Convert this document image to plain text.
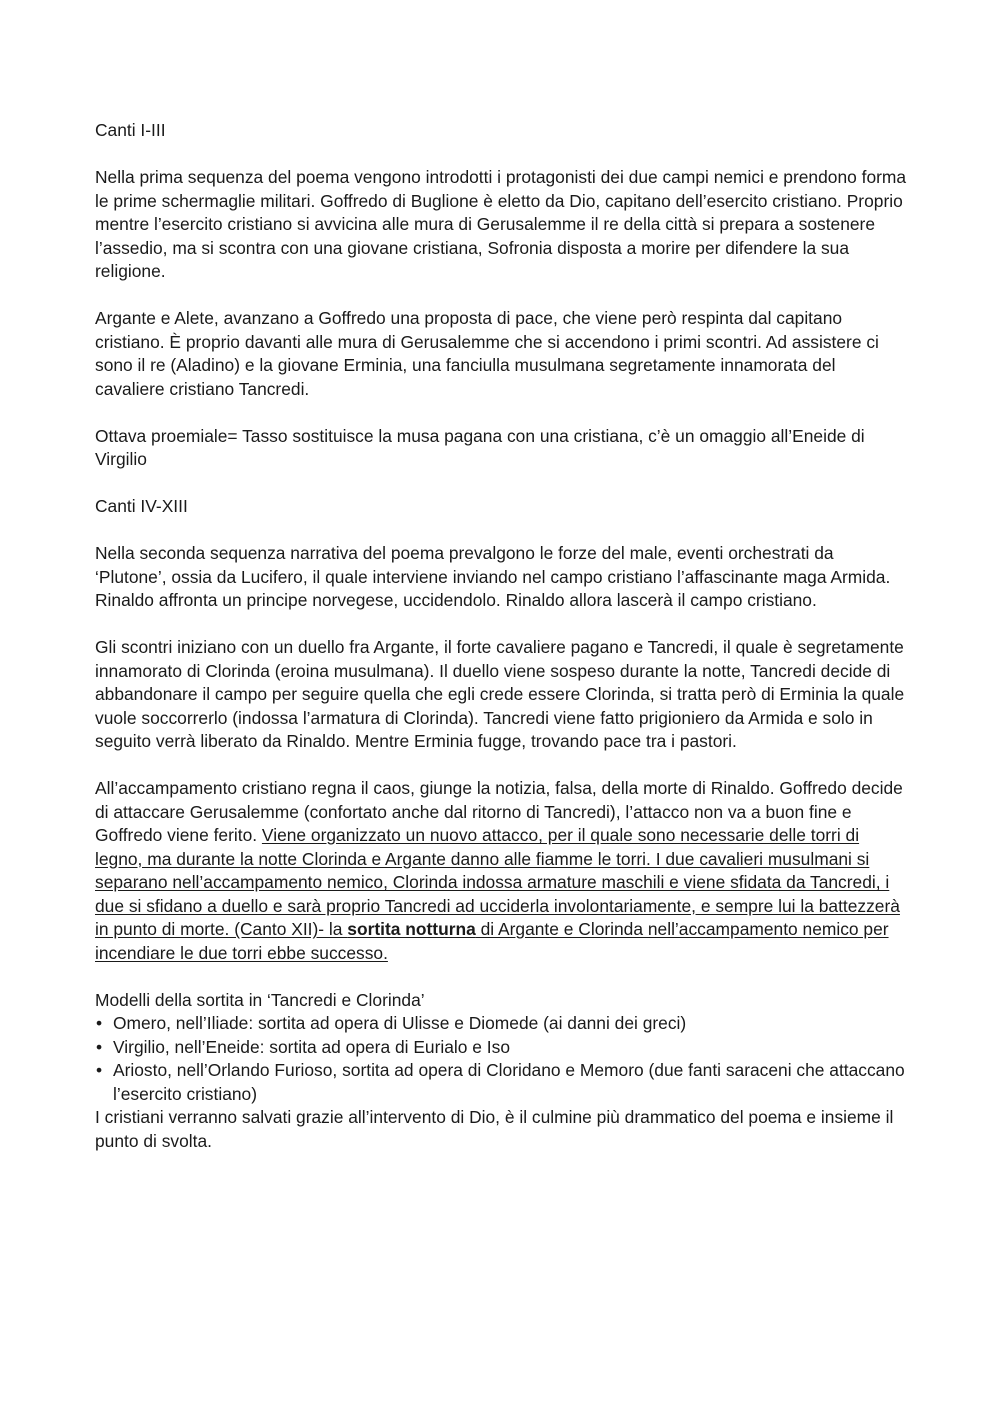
Canti I-III

Nella prima sequenza del poema vengono introdotti i protagonisti dei due campi nemici e prendono forma le prime schermaglie militari. Goffredo di Buglione è eletto da Dio, capitano dell’esercito cristiano. Proprio mentre l’esercito cristiano si avvicina alle mura di Gerusalemme il re della città si prepara a sostenere l’assedio, ma si scontra con una giovane cristiana, Sofronia disposta a morire per difendere la sua religione.

Argante e Alete, avanzano a Goffredo una proposta di pace, che viene però respinta dal capitano cristiano. È proprio davanti alle mura di Gerusalemme che si accendono i primi scontri. Ad assistere ci sono il re (Aladino) e la giovane Erminia, una fanciulla musulmana segretamente innamorata del cavaliere cristiano Tancredi.

Ottava proemiale= Tasso sostituisce la musa pagana con una cristiana, c’è un omaggio all’Eneide di Virgilio

Canti IV-XIII

Nella seconda sequenza narrativa del poema prevalgono le forze del male, eventi orchestrati da ‘Plutone’, ossia da Lucifero, il quale interviene inviando nel campo cristiano l’affascinante maga Armida. Rinaldo affronta un principe norvegese, uccidendolo. Rinaldo allora lascerà il campo cristiano.

Gli scontri iniziano con un duello fra Argante, il forte cavaliere pagano e Tancredi, il quale è segretamente innamorato di Clorinda (eroina musulmana). Il duello viene sospeso durante la notte, Tancredi decide di abbandonare il campo per seguire quella che egli crede essere Clorinda, si tratta però di Erminia la quale vuole soccorrerlo (indossa l’armatura di Clorinda). Tancredi viene fatto prigioniero da Armida e solo in seguito verrà liberato da Rinaldo. Mentre Erminia fugge, trovando pace tra i pastori.

All’accampamento cristiano regna il caos, giunge la notizia, falsa, della morte di Rinaldo. Goffredo decide di attaccare Gerusalemme (confortato anche dal ritorno di Tancredi), l’attacco non va a buon fine e Goffredo viene ferito. Viene organizzato un nuovo attacco, per il quale sono necessarie delle torri di legno, ma durante la notte Clorinda e Argante danno alle fiamme le torri. I due cavalieri musulmani si separano nell’accampamento nemico, Clorinda indossa armature maschili e viene sfidata da Tancredi, i due si sfidano a duello e sarà proprio Tancredi ad ucciderla involontariamente, e sempre lui la battezzerà in punto di morte. (Canto XII)- la sortita notturna di Argante e Clorinda nell’accampamento nemico per incendiare le due torri ebbe successo.

Modelli della sortita in ‘Tancredi e Clorinda’

• Omero, nell’Iliade: sortita ad opera di Ulisse e Diomede (ai danni dei greci)
• Virgilio, nell’Eneide: sortita ad opera di Eurialo e Iso
• Ariosto, nell’Orlando Furioso, sortita ad opera di Cloridano e Memoro (due fanti saraceni che attaccano l’esercito cristiano)

I cristiani verranno salvati grazie all’intervento di Dio, è il culmine più drammatico del poema e insieme il punto di svolta.
